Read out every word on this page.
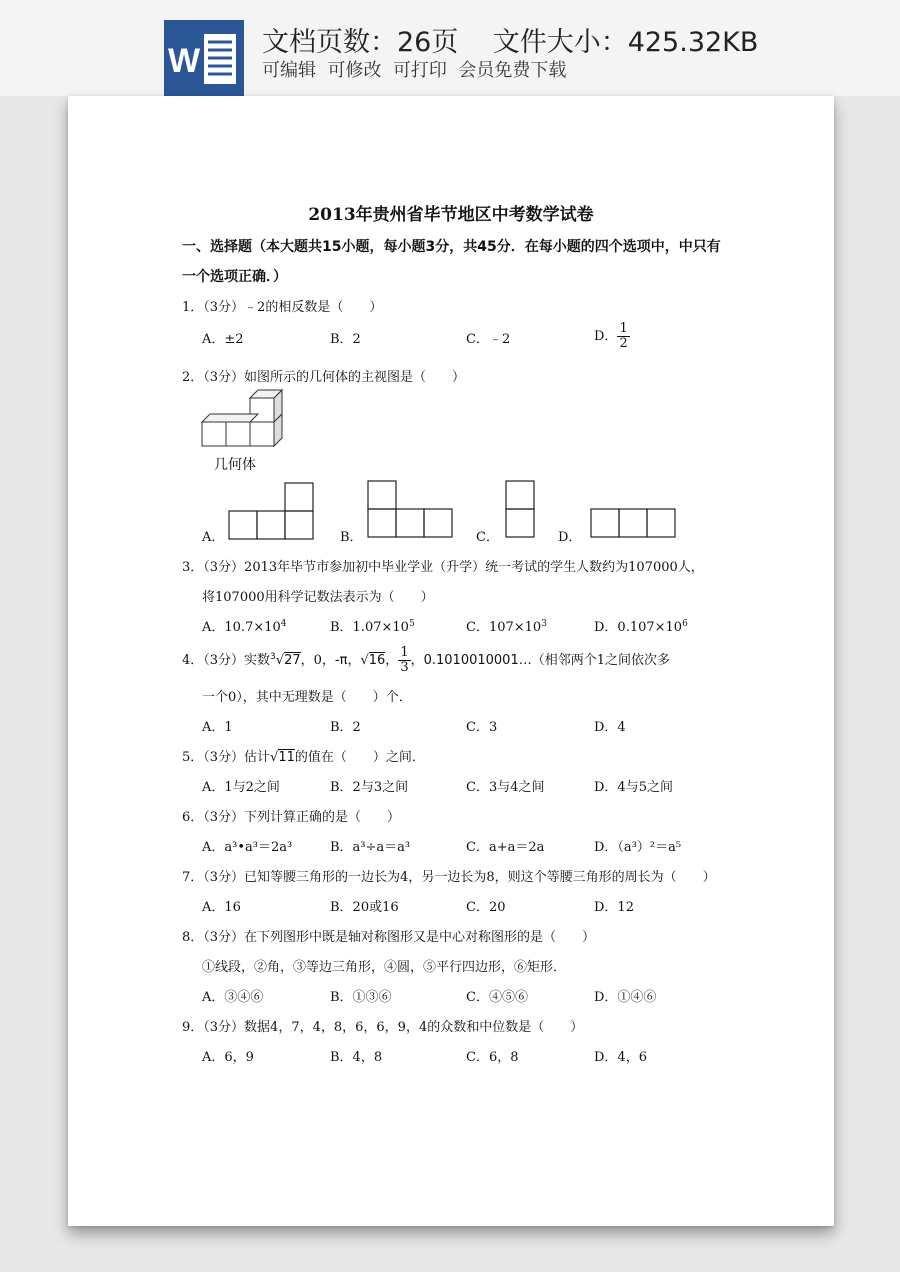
W 文档页数：26页 文件大小：425.32KB
可编辑  可修改  可打印  会员免费下载
2013年贵州省毕节地区中考数学试卷
一、选择题（本大题共15小题，每小题3分，共45分．在每小题的四个选项中，中只有
一个选项正确．）
1．（3分）﹣2的相反数是（　　）
A．±2	B．2	C．﹣2	D． $\frac{1}{2}$
2．（3分）如图所示的几何体的主视图是（　　）
几何体
A．	B．	C．	D．
3．（3分）2013年毕节市参加初中毕业学业（升学）统一考试的学生人数约为107000人，
将107000用科学记数法表示为（　　）
A．$10.7\times 10^4$	B．$1.07\times 10^5$	C．$107\times 10^3$	D．$0.107\times 10^6$
4．（3分）实数$^3$√27，0，-π，√16， $\frac{1}{3}$ ，0.1010010001…（相邻两个1之间依次多
一个0），其中无理数是（　　）个．
A．1	B．2	C．3	D．4
5．（3分）估计√11的值在（　　）之间．
A．1与2之间	B．2与3之间	C．3与4之间	D．4与5之间
6．（3分）下列计算正确的是（　　）
A．a³•a³＝2a³	B．a³÷a＝a³	C．a+a＝2a	D．（a³）²＝a⁵
7．（3分）已知等腰三角形的一边长为4，另一边长为8，则这个等腰三角形的周长为（　　）
A．16	B．20或16	C．20	D．12
8．（3分）在下列图形中既是轴对称图形又是中心对称图形的是（　　）
①线段，②角，③等边三角形，④圆，⑤平行四边形，⑥矩形．
A．③④⑥	B．①③⑥	C．④⑤⑥	D．①④⑥
9．（3分）数据4，7，4，8，6，6，9，4的众数和中位数是（　　）
A．6，9	B．4，8	C．6，8	D．4，6
